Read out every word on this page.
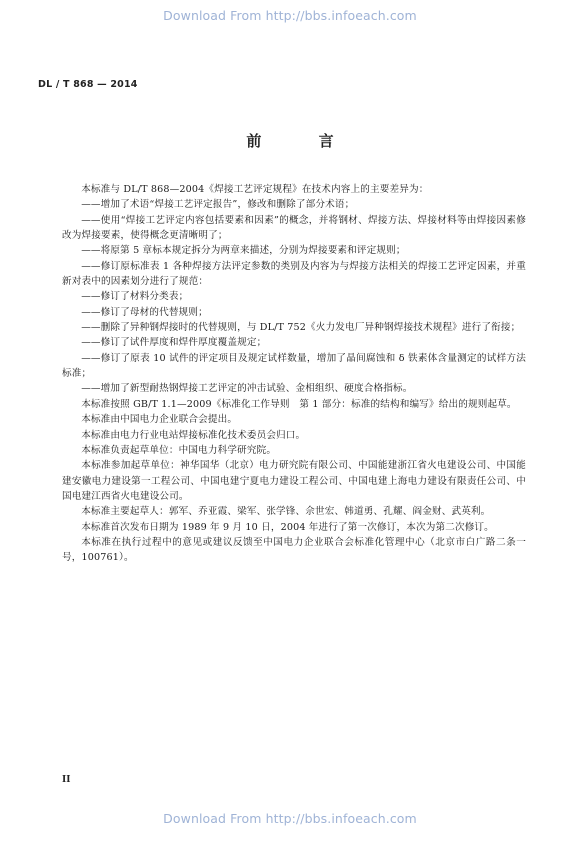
Download From http://bbs.infoeach.com
DL / T 868 — 2014
前 言

本标准与 DL/T 868—2004《焊接工艺评定规程》在技术内容上的主要差异为：

——增加了术语“焊接工艺评定报告”，修改和删除了部分术语；

——使用“焊接工艺评定内容包括要素和因素”的概念，并将钢材、焊接方法、焊接材料等由焊接因素修改为焊接要素，使得概念更清晰明了；

——将原第 5 章标本规定拆分为两章来描述，分别为焊接要素和评定规则；

——修订原标准表 1 各种焊接方法评定参数的类别及内容为与焊接方法相关的焊接工艺评定因素，并重新对表中的因素划分进行了规范：

——修订了材料分类表；

——修订了母材的代替规则；

——删除了异种钢焊接时的代替规则，与 DL/T 752《火力发电厂异种钢焊接技术规程》进行了衔接；

——修订了试件厚度和焊件厚度覆盖规定；

——修订了原表 10 试件的评定项目及规定试样数量，增加了晶间腐蚀和 δ 铁素体含量测定的试样方法标准；

——增加了新型耐热钢焊接工艺评定的冲击试验、金相组织、硬度合格指标。

本标准按照 GB/T 1.1—2009《标准化工作导则　第 1 部分：标准的结构和编写》给出的规则起草。

本标准由中国电力企业联合会提出。

本标准由电力行业电站焊接标准化技术委员会归口。

本标准负责起草单位：中国电力科学研究院。

本标准参加起草单位：神华国华（北京）电力研究院有限公司、中国能建浙江省火电建设公司、中国能建安徽电力建设第一工程公司、中国电建宁夏电力建设工程公司、中国电建上海电力建设有限责任公司、中国电建江西省火电建设公司。

本标准主要起草人：郭军、乔亚霞、梁军、张学锋、佘世宏、韩道勇、孔耀、阎金财、武英利。

本标准首次发布日期为 1989 年 9 月 10 日，2004 年进行了第一次修订，本次为第二次修订。

本标准在执行过程中的意见或建议反馈至中国电力企业联合会标准化管理中心（北京市白广路二条一号，100761）。

II
Download From http://bbs.infoeach.com
